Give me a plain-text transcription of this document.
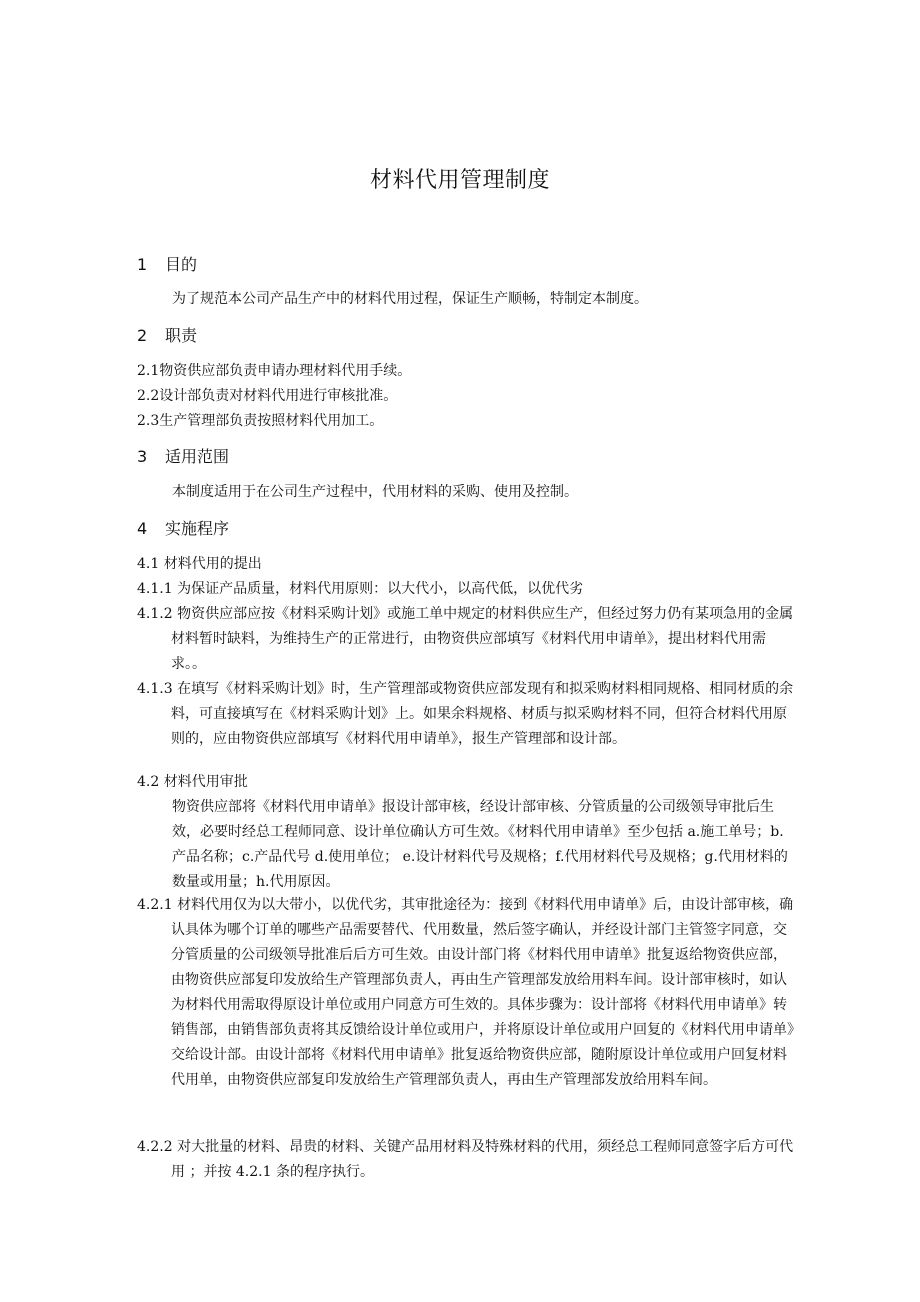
材料代用管理制度
1 目的
为了规范本公司产品生产中的材料代用过程，保证生产顺畅，特制定本制度。
2 职责
2.1物资供应部负责申请办理材料代用手续。
2.2设计部负责对材料代用进行审核批准。
2.3生产管理部负责按照材料代用加工。
3 适用范围
本制度适用于在公司生产过程中，代用材料的采购、使用及控制。
4 实施程序
4.1 材料代用的提出
4.1.1 为保证产品质量，材料代用原则：以大代小，以高代低，以优代劣
4.1.2 物资供应部应按《材料采购计划》或施工单中规定的材料供应生产，但经过努力仍有某项急用的金属材料暂时缺料，为维持生产的正常进行，由物资供应部填写《材料代用申请单》，提出材料代用需求。。
4.1.3 在填写《材料采购计划》时，生产管理部或物资供应部发现有和拟采购材料相同规格、相同材质的余料，可直接填写在《材料采购计划》上。如果余料规格、材质与拟采购材料不同，但符合材料代用原则的，应由物资供应部填写《材料代用申请单》，报生产管理部和设计部。
4.2 材料代用审批
物资供应部将《材料代用申请单》报设计部审核，经设计部审核、分管质量的公司级领导审批后生效，必要时经总工程师同意、设计单位确认方可生效。《材料代用申请单》至少包括 a.施工单号；b.产品名称；c.产品代号 d.使用单位； e.设计材料代号及规格；f.代用材料代号及规格；g.代用材料的数量或用量；h.代用原因。
4.2.1 材料代用仅为以大带小，以优代劣，其审批途径为：接到《材料代用申请单》后，由设计部审核，确认具体为哪个订单的哪些产品需要替代、代用数量，然后签字确认，并经设计部门主管签字同意，交分管质量的公司级领导批准后后方可生效。由设计部门将《材料代用申请单》批复返给物资供应部，由物资供应部复印发放给生产管理部负责人，再由生产管理部发放给用料车间。设计部审核时，如认为材料代用需取得原设计单位或用户同意方可生效的。具体步骤为：设计部将《材料代用申请单》转销售部，由销售部负责将其反馈给设计单位或用户，并将原设计单位或用户回复的《材料代用申请单》交给设计部。由设计部将《材料代用申请单》批复返给物资供应部，随附原设计单位或用户回复材料代用单，由物资供应部复印发放给生产管理部负责人，再由生产管理部发放给用料车间。
4.2.2 对大批量的材料、昂贵的材料、关键产品用材料及特殊材料的代用，须经总工程师同意签字后方可代用 ；并按 4.2.1 条的程序执行。
